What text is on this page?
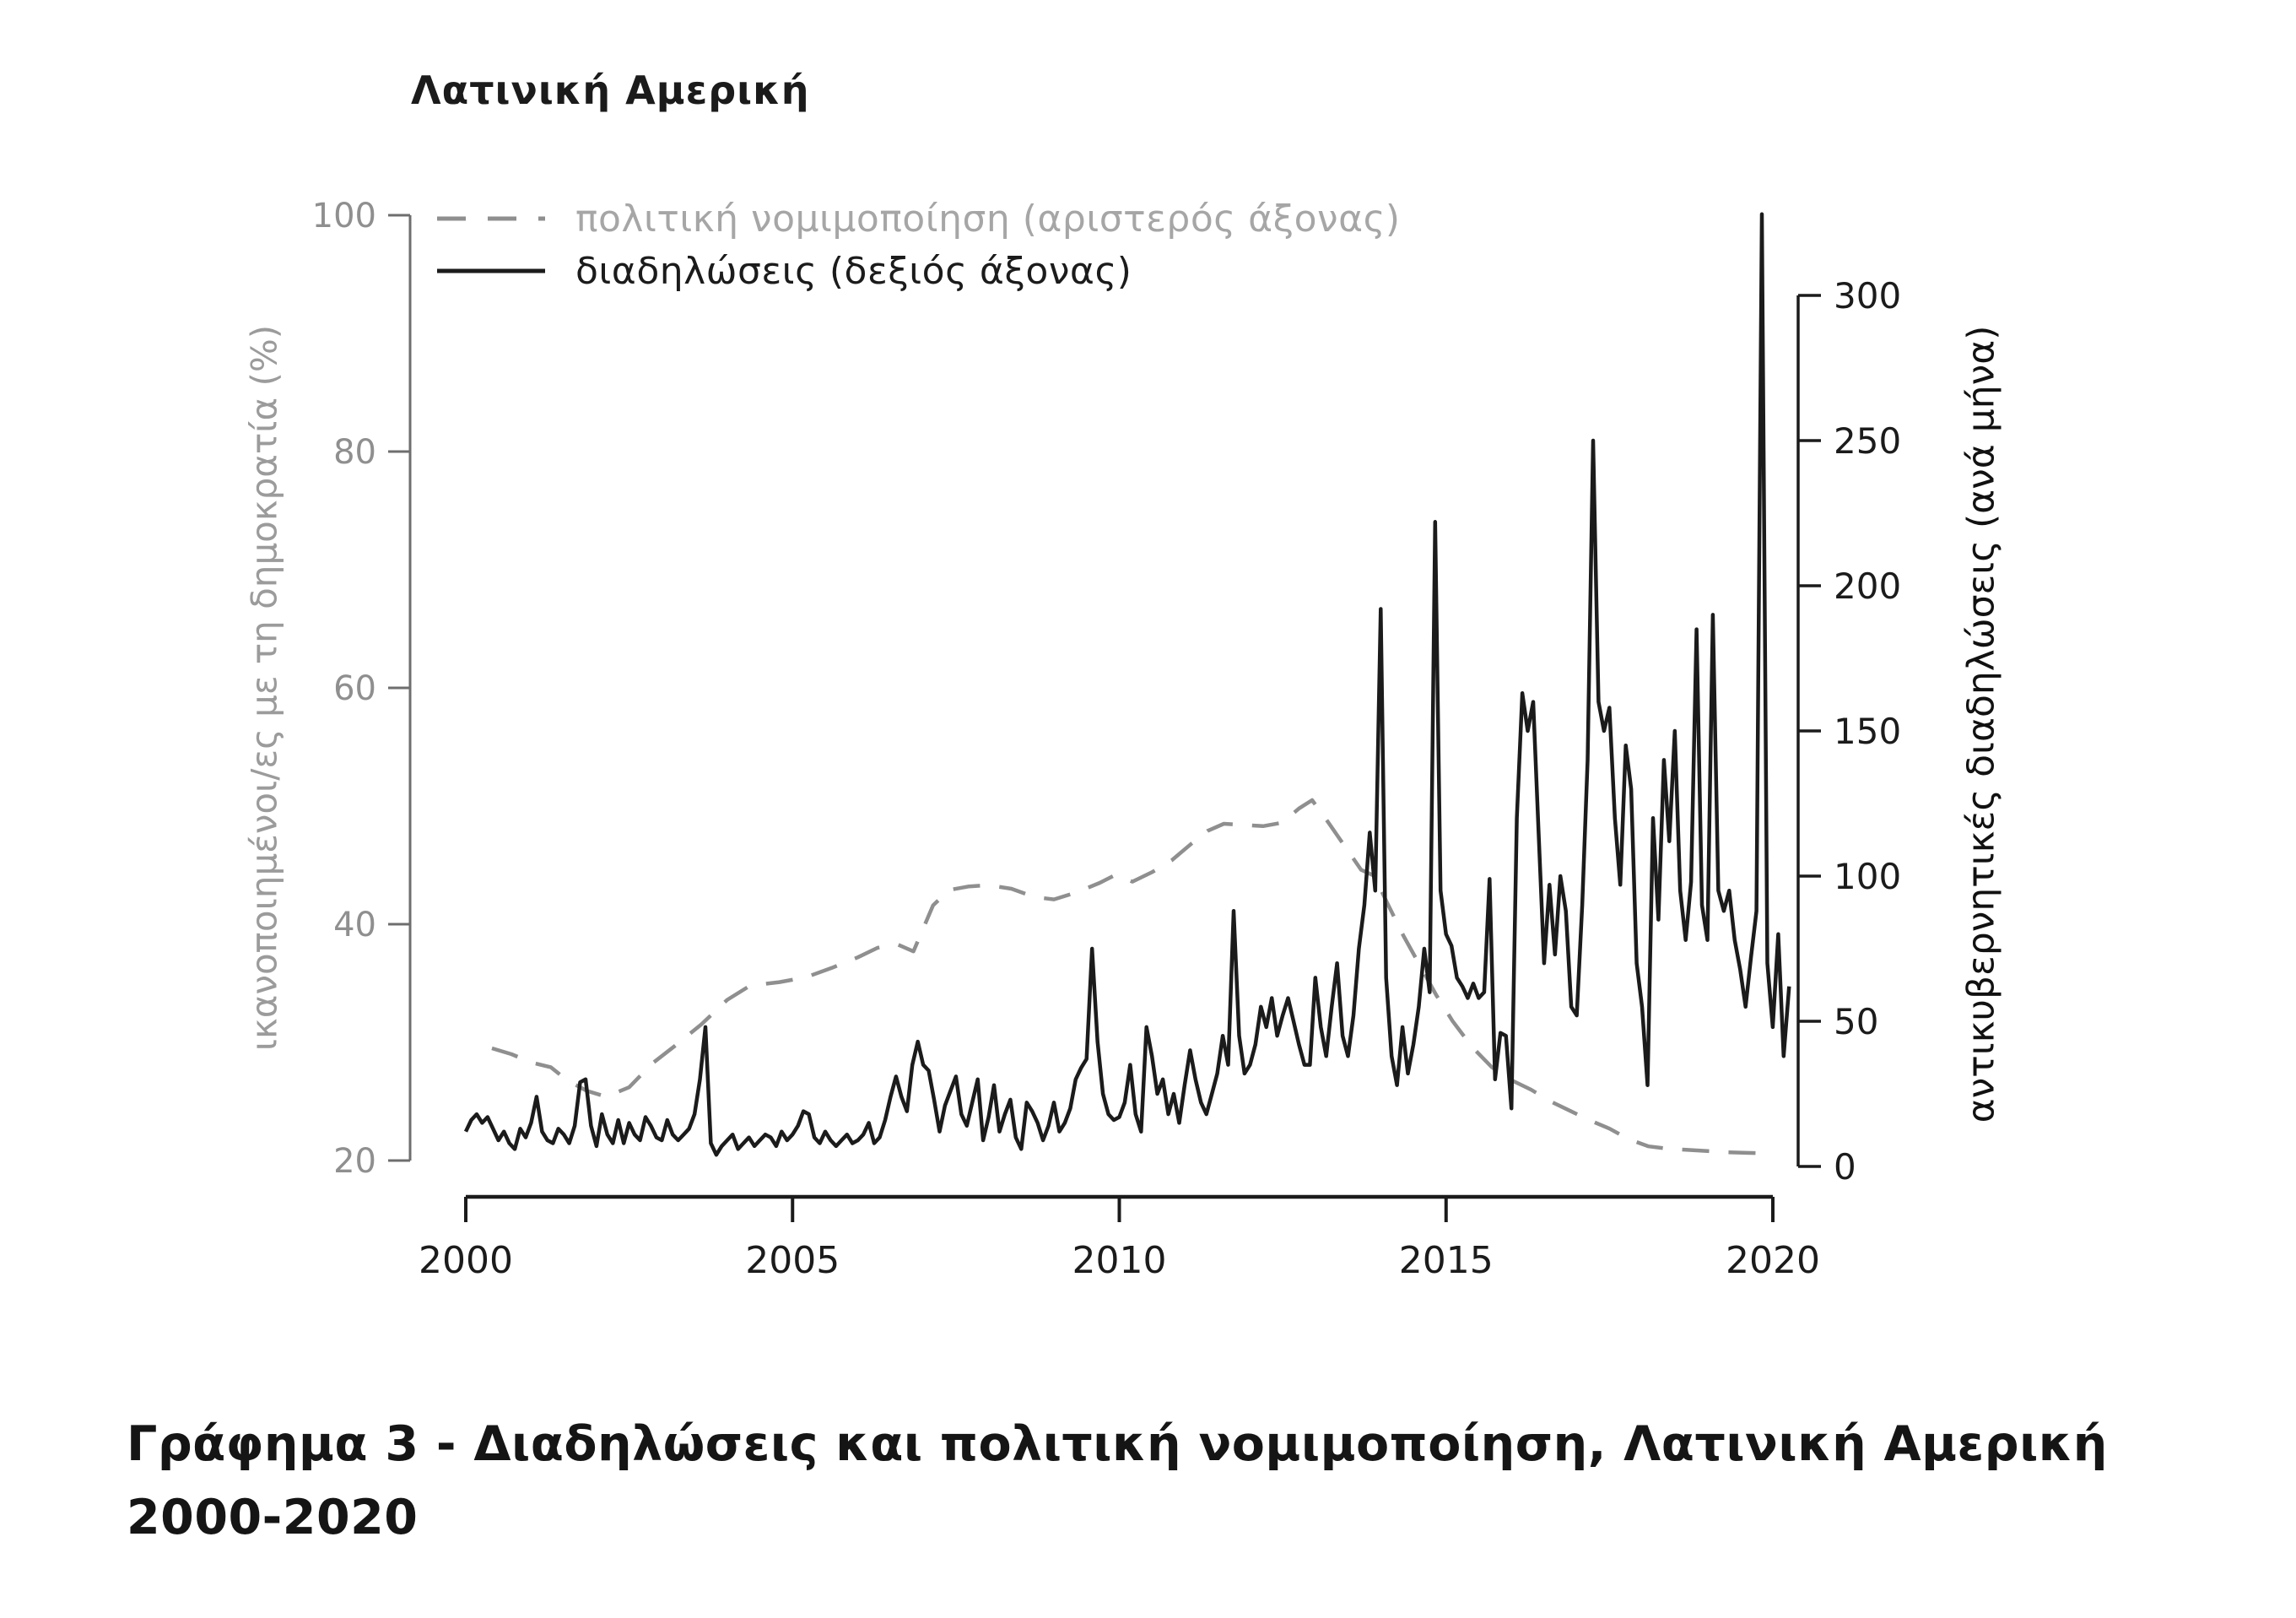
Λατινική Αμερική
πολιτική νομιμοποίηση (αριστερός άξονας)
διαδηλώσεις (δεξιός άξονας)
ικανοποιημένοι/ες με τη δημοκρατία (%)	αντικυβερνητικές διαδηλώσεις (ανά μήνα)
20
40
60
80
100
0
50
100
150
200
250
300
2000	2005	2010	2015	2020
Γράφημα 3 - Διαδηλώσεις και πολιτική νομιμοποίηση, Λατινική Αμερική
2000-2020
